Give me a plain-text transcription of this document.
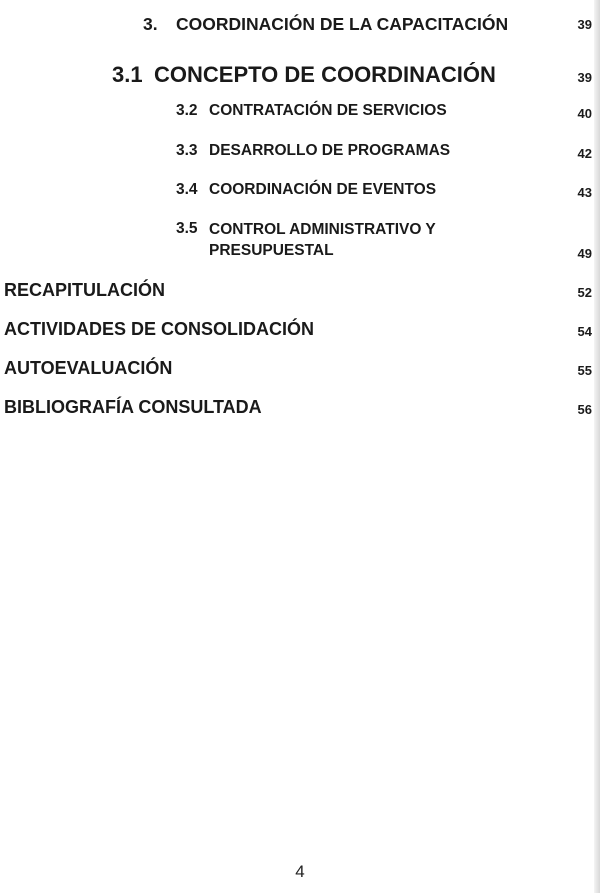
3. COORDINACIÓN DE LA CAPACITACIÓN	39
3.1 CONCEPTO DE COORDINACIÓN	39
3.2 CONTRATACIÓN DE SERVICIOS	40
3.3 DESARROLLO DE PROGRAMAS	42
3.4 COORDINACIÓN DE EVENTOS	43
3.5 CONTROL ADMINISTRATIVO Y
PRESUPUESTAL	49
RECAPITULACIÓN	52
ACTIVIDADES DE CONSOLIDACIÓN	54
AUTOEVALUACIÓN	55
BIBLIOGRAFÍA CONSULTADA	56
4
